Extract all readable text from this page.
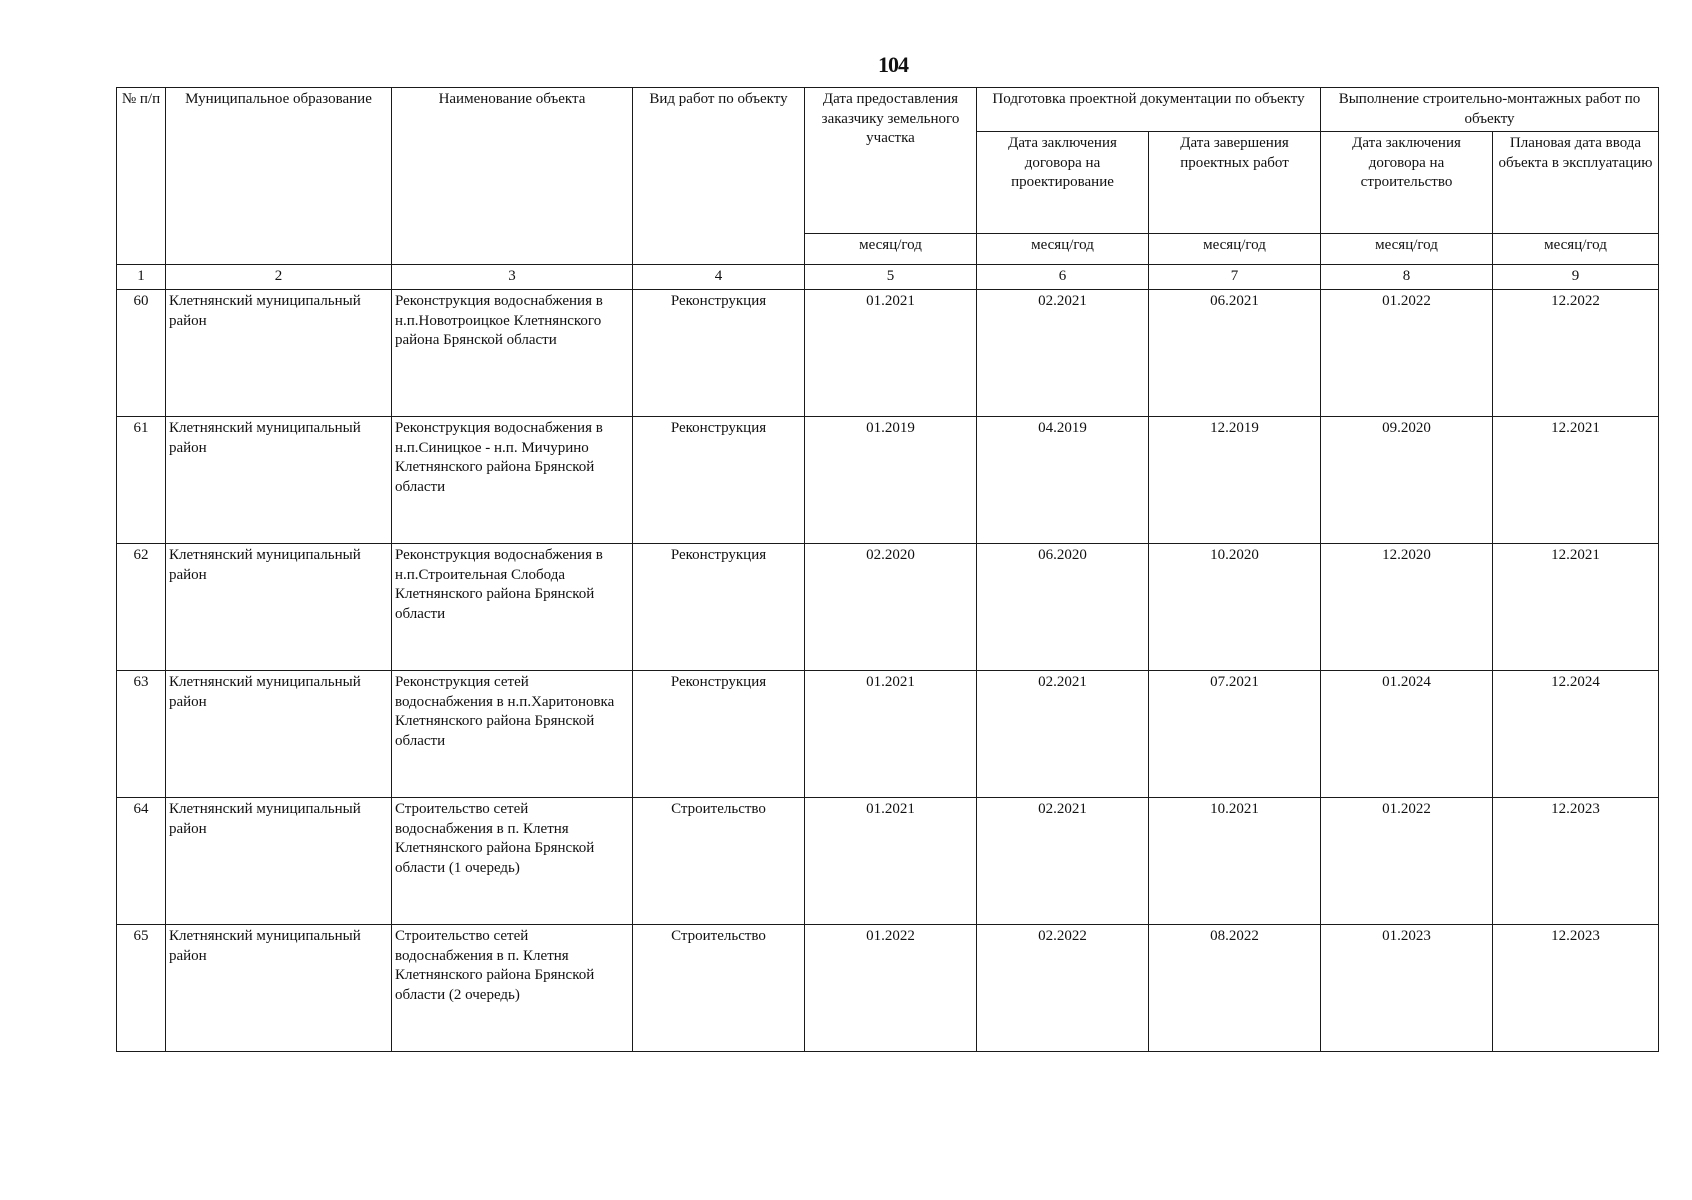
104
№ п/п	Муниципальное образование	Наименование объекта	Вид работ по объекту	Дата предоставления заказчику земельного участка	Подготовка проектной документации по объекту		Выполнение строительно-монтажных работ по объекту	
					Дата заключения договора на проектирование	Дата завершения проектных работ	Дата заключения договора на строительство	Плановая дата ввода объекта в эксплуатацию
				месяц/год	месяц/год	месяц/год	месяц/год	месяц/год
1	2	3	4	5	6	7	8	9
60	Клетнянский муниципальный район	Реконструкция водоснабжения в н.п.Новотроицкое Клетнянского района Брянской области	Реконструкция	01.2021	02.2021	06.2021	01.2022	12.2022
61	Клетнянский муниципальный район	Реконструкция водоснабжения в н.п.Синицкое - н.п. Мичурино Клетнянского района Брянской области	Реконструкция	01.2019	04.2019	12.2019	09.2020	12.2021
62	Клетнянский муниципальный район	Реконструкция водоснабжения в н.п.Строительная Слобода Клетнянского района Брянской области	Реконструкция	02.2020	06.2020	10.2020	12.2020	12.2021
63	Клетнянский муниципальный район	Реконструкция сетей водоснабжения в н.п.Харитоновка Клетнянского района Брянской области	Реконструкция	01.2021	02.2021	07.2021	01.2024	12.2024
64	Клетнянский муниципальный район	Строительство сетей водоснабжения в п. Клетня Клетнянского района Брянской области (1 очередь)	Строительство	01.2021	02.2021	10.2021	01.2022	12.2023
65	Клетнянский муниципальный район	Строительство сетей водоснабжения в п. Клетня Клетнянского района Брянской области (2 очередь)	Строительство	01.2022	02.2022	08.2022	01.2023	12.2023
